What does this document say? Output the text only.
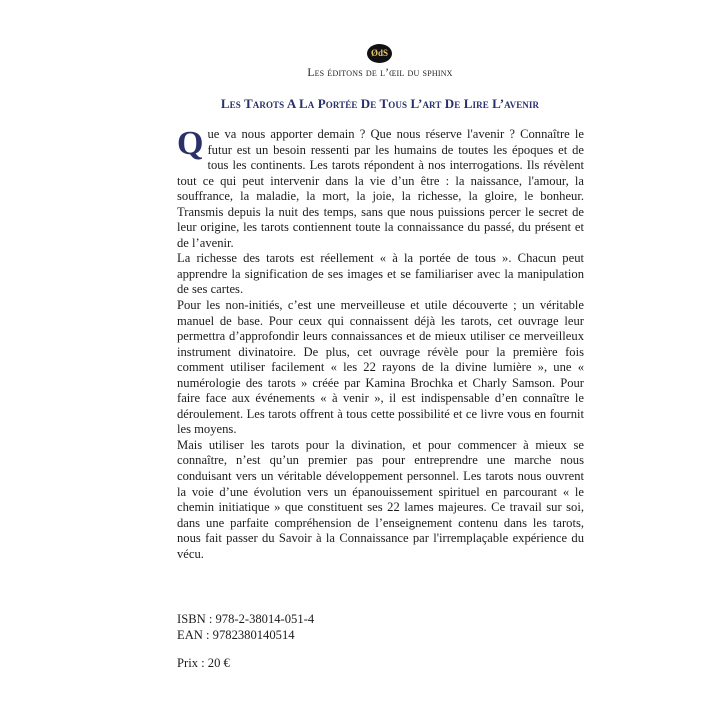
ØdS
Les éditons de l’œil du sphinx
Les Tarots A La Portée De Tous L’art De Lire L’avenir

Que va nous apporter demain ? Que nous réserve l'avenir ? Connaître le futur est un besoin ressenti par les humains de toutes les époques et de tous les continents. Les tarots répondent à nos interrogations. Ils révèlent tout ce qui peut intervenir dans la vie d’un être : la naissance, l'amour, la souffrance, la maladie, la mort, la joie, la richesse, la gloire, le bonheur. Transmis depuis la nuit des temps, sans que nous puissions percer le secret de leur origine, les tarots contiennent toute la connaissance du passé, du présent et de l’avenir.

La richesse des tarots est réellement « à la portée de tous ». Chacun peut apprendre la signification de ses images et se familiariser avec la manipulation de ses cartes.

Pour les non-initiés, c’est une merveilleuse et utile découverte ; un véritable manuel de base. Pour ceux qui connaissent déjà les tarots, cet ouvrage leur permettra d’approfondir leurs connaissances et de mieux utiliser ce merveilleux instrument divinatoire. De plus, cet ouvrage révèle pour la première fois comment utiliser facilement « les 22 rayons de la divine lumière », une « numérologie des tarots » créée par Kamina Brochka et Charly Samson. Pour faire face aux événements « à venir », il est indispensable d’en connaître le déroulement. Les tarots offrent à tous cette possibilité et ce livre vous en fournit les moyens.

Mais utiliser les tarots pour la divination, et pour commencer à mieux se connaître, n’est qu’un premier pas pour entreprendre une marche nous conduisant vers un véritable développement personnel. Les tarots nous ouvrent la voie d’une évolution vers un épanouissement spirituel en parcourant « le chemin initiatique » que constituent ses 22 lames majeures. Ce travail sur soi, dans une parfaite compréhension de l’enseignement contenu dans les tarots, nous fait passer du Savoir à la Connaissance par l'irremplaçable expérience du vécu.

ISBN : 978-2-38014-051-4
EAN : 9782380140514
Prix : 20 €
